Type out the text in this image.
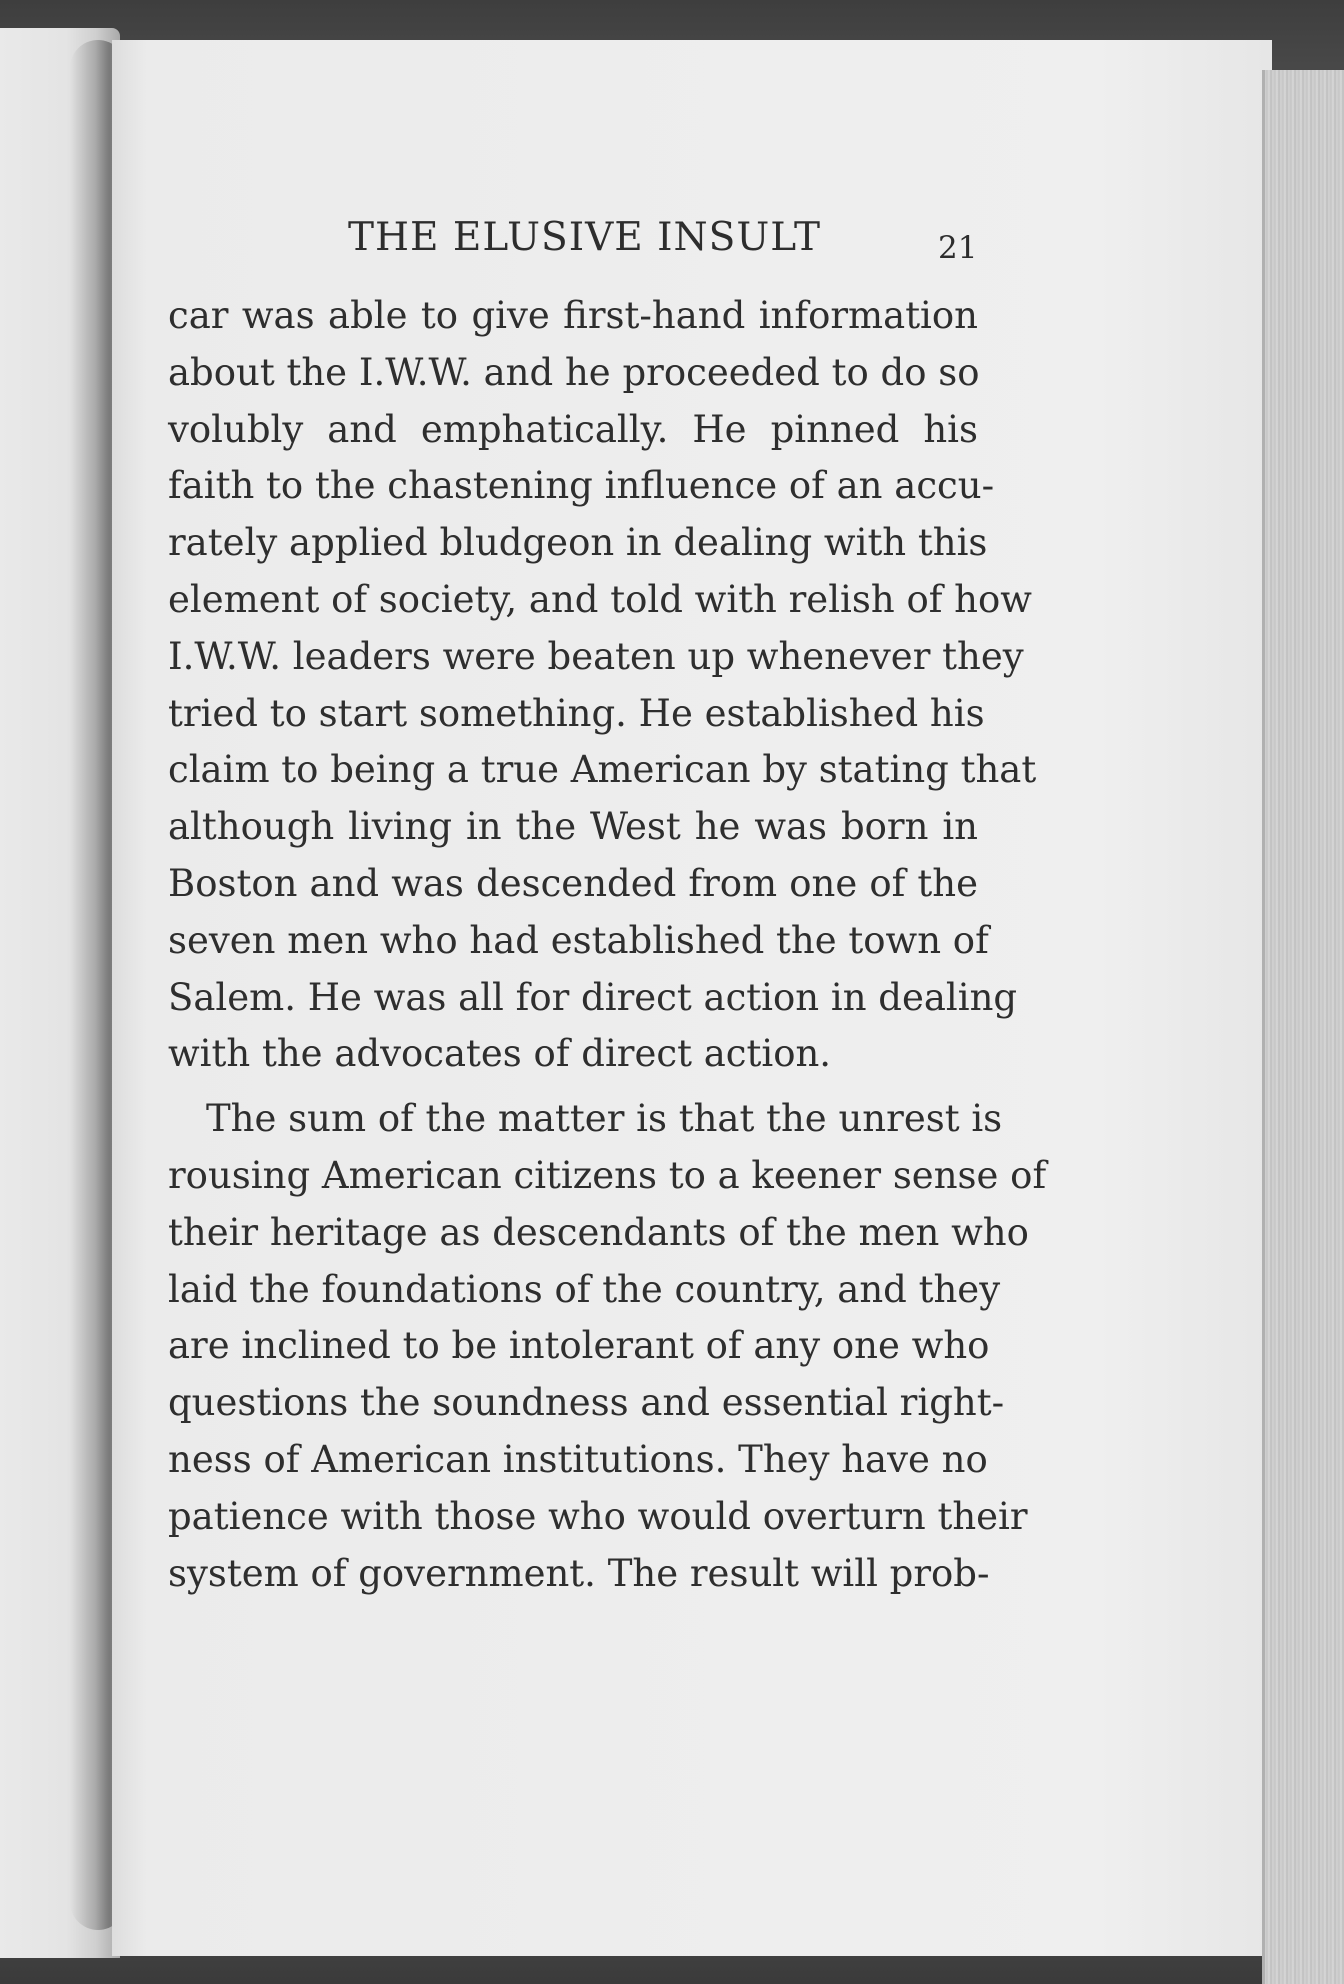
THE ELUSIVE INSULT	21
car was able to give first-hand information
about the I.W.W. and he proceeded to do so
volubly and emphatically. He pinned his
faith to the chastening influence of an accu-
rately applied bludgeon in dealing with this
element of society, and told with relish of how
I.W.W. leaders were beaten up whenever they
tried to start something. He established his
claim to being a true American by stating that
although living in the West he was born in
Boston and was descended from one of the
seven men who had established the town of
Salem. He was all for direct action in dealing
with the advocates of direct action.
The sum of the matter is that the unrest is
rousing American citizens to a keener sense of
their heritage as descendants of the men who
laid the foundations of the country, and they
are inclined to be intolerant of any one who
questions the soundness and essential right-
ness of American institutions. They have no
patience with those who would overturn their
system of government. The result will prob-
